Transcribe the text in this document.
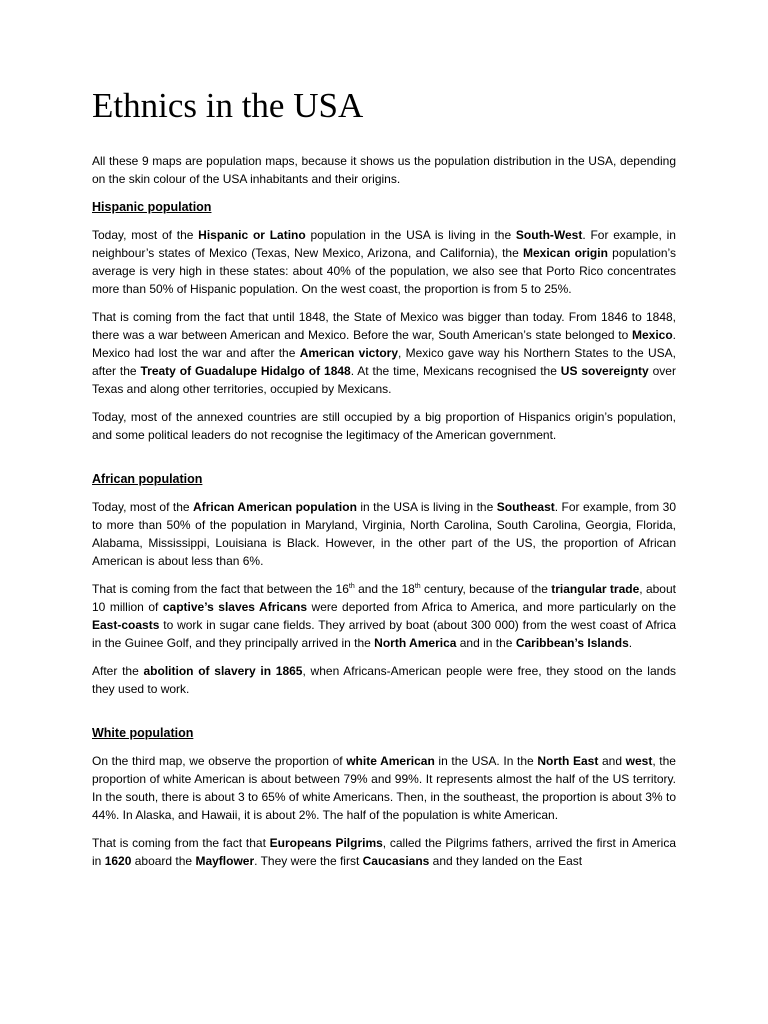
Ethnics in the USA

All these 9 maps are population maps, because it shows us the population distribution in the USA, depending on the skin colour of the USA inhabitants and their origins.

Hispanic population

Today, most of the Hispanic or Latino population in the USA is living in the South-West. For example, in neighbour’s states of Mexico (Texas, New Mexico, Arizona, and California), the Mexican origin population’s average is very high in these states: about 40% of the population, we also see that Porto Rico concentrates more than 50% of Hispanic population. On the west coast, the proportion is from 5 to 25%.

That is coming from the fact that until 1848, the State of Mexico was bigger than today. From 1846 to 1848, there was a war between American and Mexico. Before the war, South American’s state belonged to Mexico. Mexico had lost the war and after the American victory, Mexico gave way his Northern States to the USA, after the Treaty of Guadalupe Hidalgo of 1848. At the time, Mexicans recognised the US sovereignty over Texas and along other territories, occupied by Mexicans.

Today, most of the annexed countries are still occupied by a big proportion of Hispanics origin’s population, and some political leaders do not recognise the legitimacy of the American government.

African population

Today, most of the African American population in the USA is living in the Southeast. For example, from 30 to more than 50% of the population in Maryland, Virginia, North Carolina, South Carolina, Georgia, Florida, Alabama, Mississippi, Louisiana is Black. However, in the other part of the US, the proportion of African American is about less than 6%.

That is coming from the fact that between the 16th and the 18th century, because of the triangular trade, about 10 million of captive’s slaves Africans were deported from Africa to America, and more particularly on the East-coasts to work in sugar cane fields. They arrived by boat (about 300 000) from the west coast of Africa in the Guinee Golf, and they principally arrived in the North America and in the Caribbean’s Islands.

After the abolition of slavery in 1865, when Africans-American people were free, they stood on the lands they used to work.

White population

On the third map, we observe the proportion of white American in the USA. In the North East and west, the proportion of white American is about between 79% and 99%. It represents almost the half of the US territory. In the south, there is about 3 to 65% of white Americans. Then, in the southeast, the proportion is about 3% to 44%. In Alaska, and Hawaii, it is about 2%. The half of the population is white American.

That is coming from the fact that Europeans Pilgrims, called the Pilgrims fathers, arrived the first in America in 1620 aboard the Mayflower. They were the first Caucasians and they landed on the East
